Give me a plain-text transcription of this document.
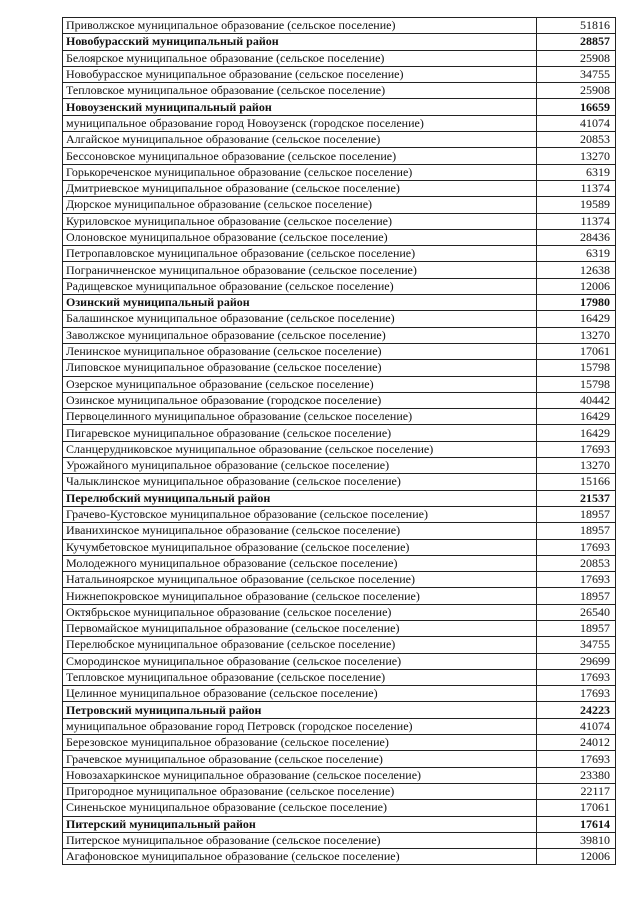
Приволжское муниципальное образование (сельское поселение)	51816
Новобурасский муниципальный район	28857
Белоярское муниципальное образование (сельское поселение)	25908
Новобурасское муниципальное образование (сельское поселение)	34755
Тепловское муниципальное образование (сельское поселение)	25908
Новоузенский муниципальный район	16659
муниципальное образование город Новоузенск (городское поселение)	41074
Алгайское муниципальное образование (сельское поселение)	20853
Бессоновское муниципальное образование (сельское поселение)	13270
Горькореченское муниципальное образование (сельское поселение)	6319
Дмитриевское муниципальное образование (сельское поселение)	11374
Дюрское муниципальное образование (сельское поселение)	19589
Куриловское муниципальное образование (сельское поселение)	11374
Олоновское муниципальное образование (сельское поселение)	28436
Петропавловское муниципальное образование (сельское поселение)	6319
Пограничненское муниципальное образование (сельское поселение)	12638
Радищевское муниципальное образование (сельское поселение)	12006
Озинский муниципальный район	17980
Балашинское муниципальное образование (сельское поселение)	16429
Заволжское муниципальное образование (сельское поселение)	13270
Ленинское муниципальное образование (сельское поселение)	17061
Липовское муниципальное образование (сельское поселение)	15798
Озерское муниципальное образование (сельское поселение)	15798
Озинское муниципальное образование (городское поселение)	40442
Первоцелинного муниципальное образование (сельское поселение)	16429
Пигаревское муниципальное образование (сельское поселение)	16429
Сланцерудниковское муниципальное образование (сельское поселение)	17693
Урожайного муниципальное образование (сельское поселение)	13270
Чалыклинское муниципальное образование (сельское поселение)	15166
Перелюбский муниципальный район	21537
Грачево-Кустовское муниципальное образование (сельское поселение)	18957
Иванихинское муниципальное образование (сельское поселение)	18957
Кучумбетовское муниципальное образование (сельское поселение)	17693
Молодежного муниципальное образование (сельское поселение)	20853
Натальиноярское муниципальное образование (сельское поселение)	17693
Нижнепокровское муниципальное образование (сельское поселение)	18957
Октябрьское муниципальное образование (сельское поселение)	26540
Первомайское муниципальное образование (сельское поселение)	18957
Перелюбское муниципальное образование (сельское поселение)	34755
Смородинское муниципальное образование (сельское поселение)	29699
Тепловское муниципальное образование (сельское поселение)	17693
Целинное муниципальное образование (сельское поселение)	17693
Петровский муниципальный район	24223
муниципальное образование город Петровск (городское поселение)	41074
Березовское муниципальное образование (сельское поселение)	24012
Грачевское муниципальное образование (сельское поселение)	17693
Новозахаркинское муниципальное образование (сельское поселение)	23380
Пригородное муниципальное образование (сельское поселение)	22117
Синеньское муниципальное образование (сельское поселение)	17061
Питерский муниципальный район	17614
Питерское муниципальное образование (сельское поселение)	39810
Агафоновское муниципальное образование (сельское поселение)	12006
